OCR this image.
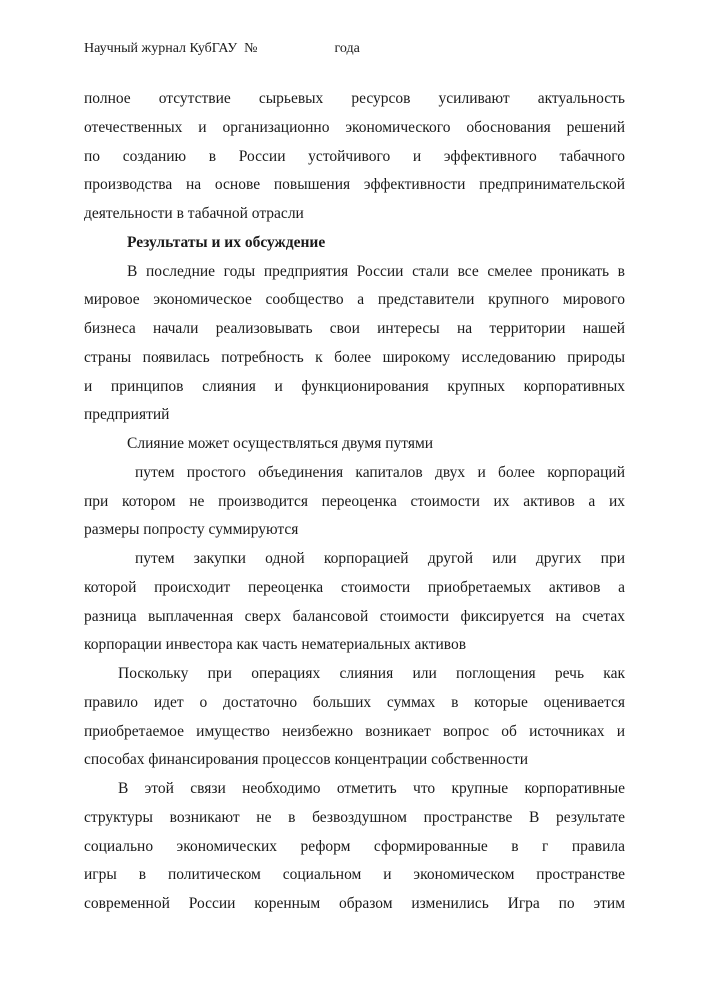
Научный журнал КубГАУ  №                      года
полное отсутствие сырьевых ресурсов усиливают актуальность
отечественных и организационно экономического обоснования решений
по созданию в России устойчивого и эффективного табачного
производства на основе повышения эффективности предпринимательской
деятельности в табачной отрасли
Результаты и их обсуждение
В последние годы предприятия России стали все смелее проникать в
мировое экономическое сообщество а представители крупного мирового
бизнеса начали реализовывать свои интересы на территории нашей
страны появилась потребность к более широкому исследованию природы
и принципов слияния и функционирования крупных корпоративных
предприятий
Слияние может осуществляться двумя путями
путем простого объединения капиталов двух и более корпораций
при котором не производится переоценка стоимости их активов а их
размеры попросту суммируются
путем закупки одной корпорацией другой или других при
которой происходит переоценка стоимости приобретаемых активов а
разница выплаченная сверх балансовой стоимости фиксируется на счетах
корпорации инвестора как часть нематериальных активов
Поскольку при операциях слияния или поглощения речь как
правило идет о достаточно больших суммах в которые оценивается
приобретаемое имущество неизбежно возникает вопрос об источниках и
способах финансирования процессов концентрации собственности
В этой связи необходимо отметить что крупные корпоративные
структуры возникают не в безвоздушном пространстве В результате
социально экономических реформ сформированные в г правила
игры в политическом социальном и экономическом пространстве
современной России коренным образом изменились Игра по этим
